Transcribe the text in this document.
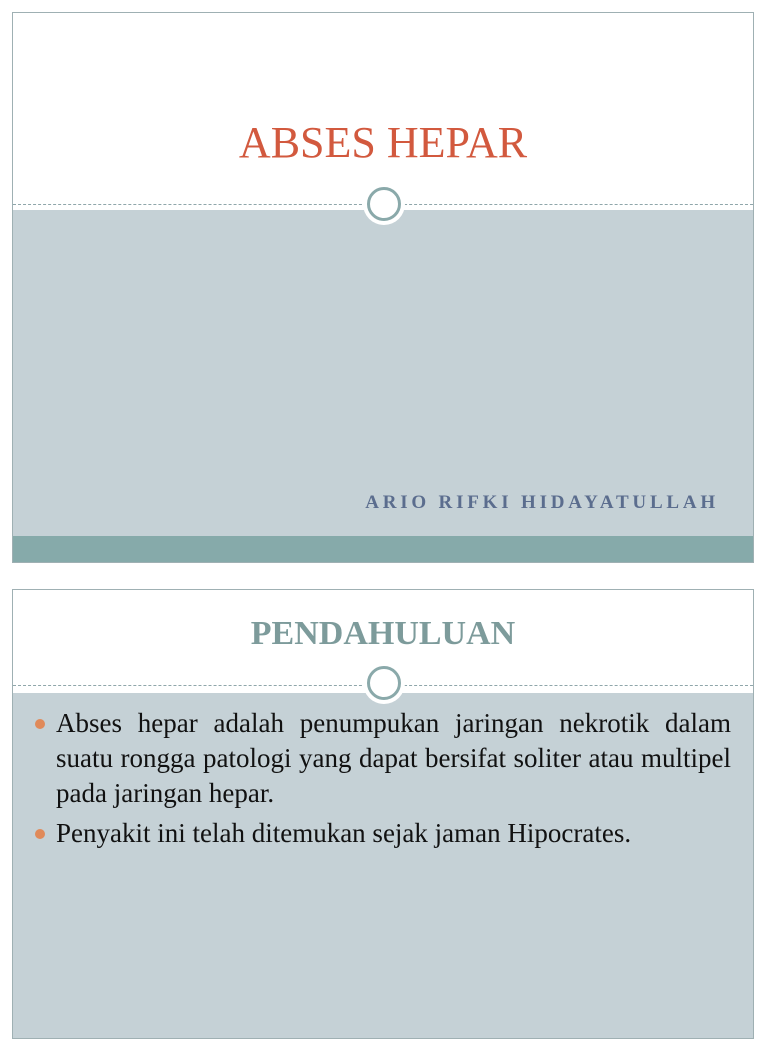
ABSES HEPAR
ARIO RIFKI HIDAYATULLAH
PENDAHULUAN
Abses hepar adalah penumpukan jaringan nekrotik dalam suatu rongga patologi yang dapat bersifat soliter atau multipel pada jaringan hepar.
Penyakit ini telah ditemukan sejak jaman Hipocrates.
